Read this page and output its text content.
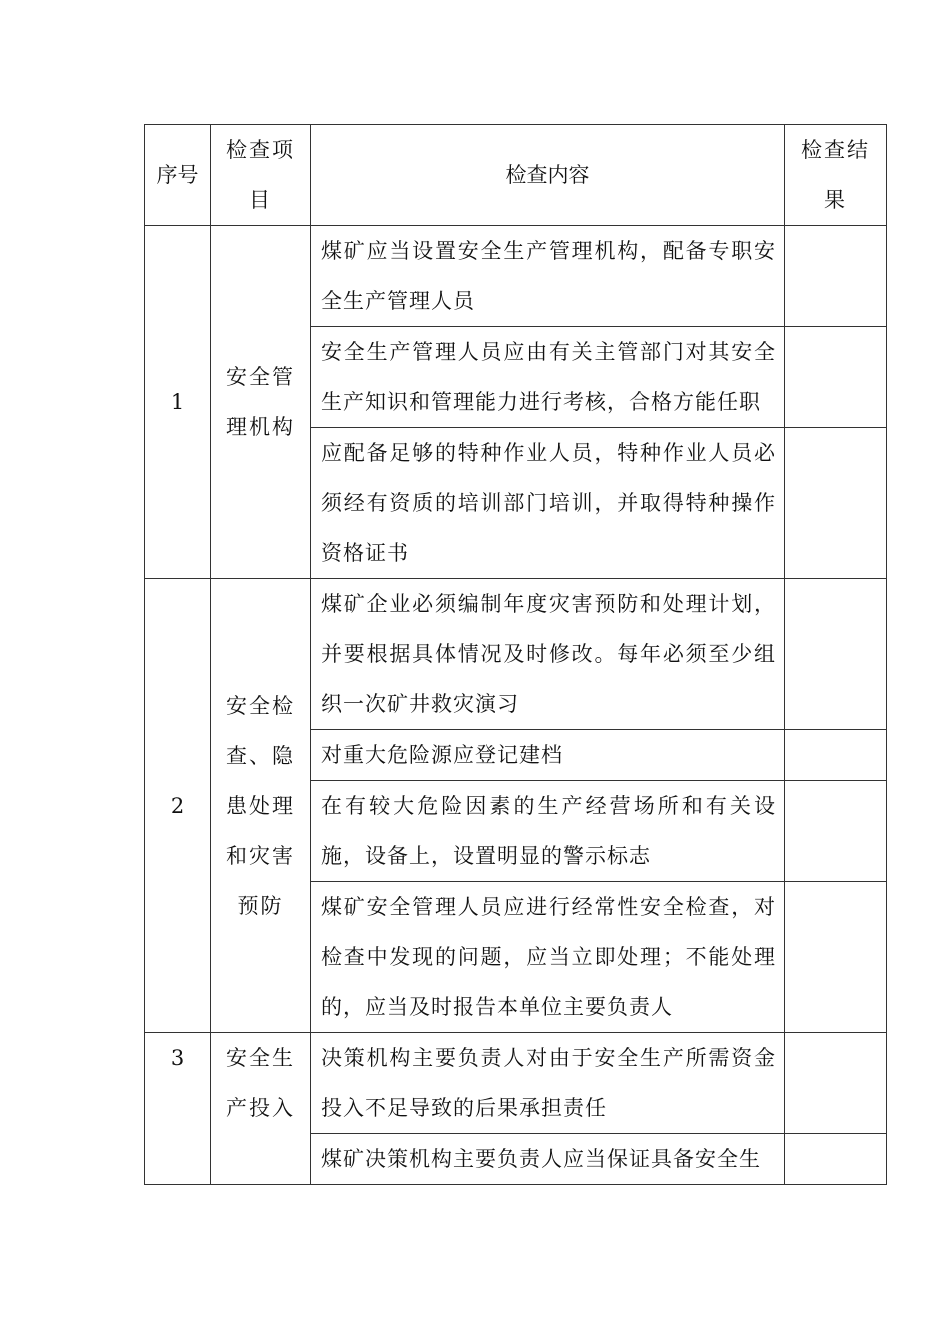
序号	检查项目	检查内容	检查结果

1	安全管理机构	煤矿应当设置安全生产管理机构，配备专职安全生产管理人员	
		安全生产管理人员应由有关主管部门对其安全生产知识和管理能力进行考核，合格方能任职	
		应配备足够的特种作业人员，特种作业人员必须经有资质的培训部门培训，并取得特种操作资格证书	
2	安全检查、隐患处理和灾害预防	煤矿企业必须编制年度灾害预防和处理计划，并要根据具体情况及时修改。每年必须至少组织一次矿井救灾演习	
		对重大危险源应登记建档	
		在有较大危险因素的生产经营场所和有关设施，设备上，设置明显的警示标志	
		煤矿安全管理人员应进行经常性安全检查，对检查中发现的问题，应当立即处理；不能处理的，应当及时报告本单位主要负责人	
3	安全生产投入	决策机构主要负责人对由于安全生产所需资金投入不足导致的后果承担责任	
		煤矿决策机构主要负责人应当保证具备安全生	
